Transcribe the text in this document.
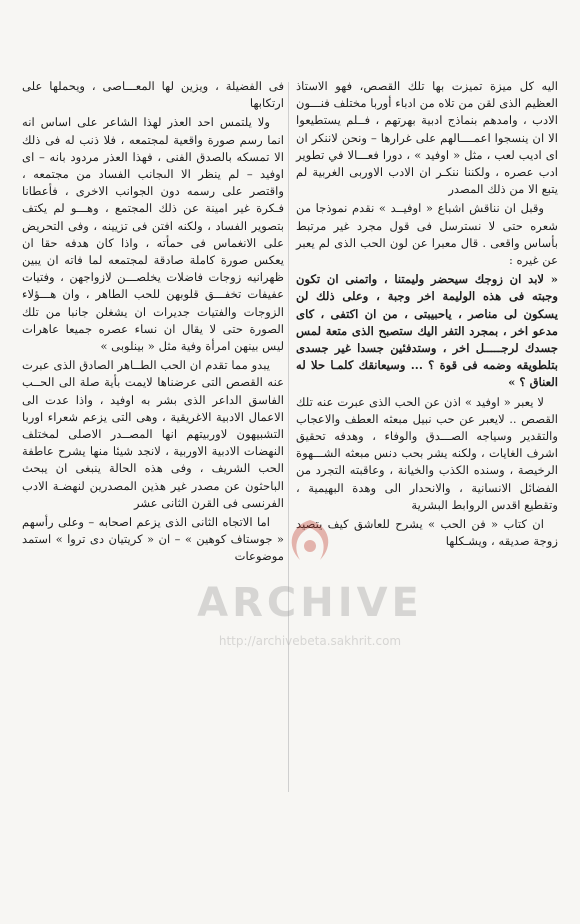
اليه كل ميزة تميزت بها تلك القصص، فهو الاستاذ العظيم الذى لقن من تلاه من ادباء أوربا مختلف فنـــون الادب ، وامدهم بنماذج ادبية بهرتهم ، فــلم يستطيعوا الا ان ينسجوا اعمــــالهم على غرارها – ونحن لاننكر ان اى اديب لعب ، مثل « اوفيد » ، دورا فعـــالا في تطوير ادب عصره ، ولكننا ننكـر ان الادب الاوربى الغربية لم يتبع الا من ذلك المصدر

وقبل ان نناقش اشباع « اوفيــد » نقدم نموذجا من شعره حتى لا نسترسل فى قول مجرد غير مرتبط بأساس واقعى . قال معبرا عن لون الحب الذى لم يعبر عن غيره :

« لابد ان زوجك سيحضر وليمتنا ، واتمنى ان تكون وجبته فى هذه الوليمة اخر وجبة ، وعلى ذلك لن يسكون لى مناصر ، ياحبيبتى ، من ان اكتفى ، كاى مدعو اخر ، بمجرد التفر اليك ستصبح الذى متعة لمس جسدك لرجـــــل اخر ، وستدفئين جسدا غير جسدى بتلطويقه وضمه فى قوة ؟ ... وسيعانقك كلمـا حلا له العناق ؟ »

لا يعبر « اوفيد » اذن عن الحب الذى عبرت عنه تلك القصص .. لايعبر عن حب نبيل مبعثه العطف والاعجاب والتقدير وسياجه الصـــدق والوفاء ، وهدفه تحقيق اشرف الغايات ، ولكنه يشر بحب دنس مبعثه الشـــهوة الرخيصة ، وسنده الكذب والخيانة ، وعاقبته التجرد من الفضائل الانسانية ، والانحدار الى وهدة البهيمية ، وتقطيع اقدس الروابط البشرية

ان كتاب « فن الحب » يشرح للعاشق كيف يتصيد زوجة صديقه ، ويشـكلها

فى الفضيلة ، ويزين لها المعـــاصى ، ويحملها على ارتكابها

ولا يلتمس احد العذر لهذا الشاعر على اساس انه انما رسم صورة واقعية لمجتمعه ، فلا ذنب له فى ذلك الا تمسكه بالصدق الفنى ، فهذا العذر مردود بانه – اى اوفيد – لم ينظر الا الىجانب الفساد من مجتمعه ، واقتصر على رسمه دون الجوانب الاخرى ، فأعطانا فـكرة غير امينة عن ذلك المجتمع ، وهـــو لم يكتف بتصوير الفساد ، ولكنه افتن فى تزيينه ، وفى التحريض على الانغماس فى حمأته ، واذا كان هدفه حقا ان يعكس صورة كاملة صادقة لمجتمعه لما فاته ان يبين ظهرانيه زوجات فاضلات يخلصـــن لازواجهن ، وفتيات عفيفات تخفـــق قلوبهن للحب الطاهر ، وان هـــؤلاء الزوجات والفتيات جديرات ان يشغلن جانبا من تلك الصورة حتى لا يقال ان نساء عصره جميعا عاهرات ليس بينهن امرأة وفية مثل « بينلوبى »

يبدو مما تقدم ان الحب الطــاهر الصادق الذى عبرت عنه القصص التى عرضناها لايمت بأية صلة الى الحــب الفاسق الداعر الذى بشر به اوفيد ، واذا عدت الى الاعمال الادبية الاغريقية ، وهى التى يزعم شعراء اوربا التشبيهون لاوربيتهم انها المصــدر الاصلى لمختلف النهضات الادبية الاوربية ، لانجد شيئا منها يشرح عاطفة الحب الشريف ، وفى هذه الحالة ينبغى ان يبحث الباحثون عن مصدر غير هذين المصدرين لنهضـة الادب الفرنسى فى القرن الثانى عشر

اما الاتجاه الثانى الذى يزعم اصحابه – وعلى رأسهم « جوستاف كوهين » – ان « كريتيان دى تروا » استمد موضوعات

ARCHIVE
http://archivebeta.sakhrit.com
